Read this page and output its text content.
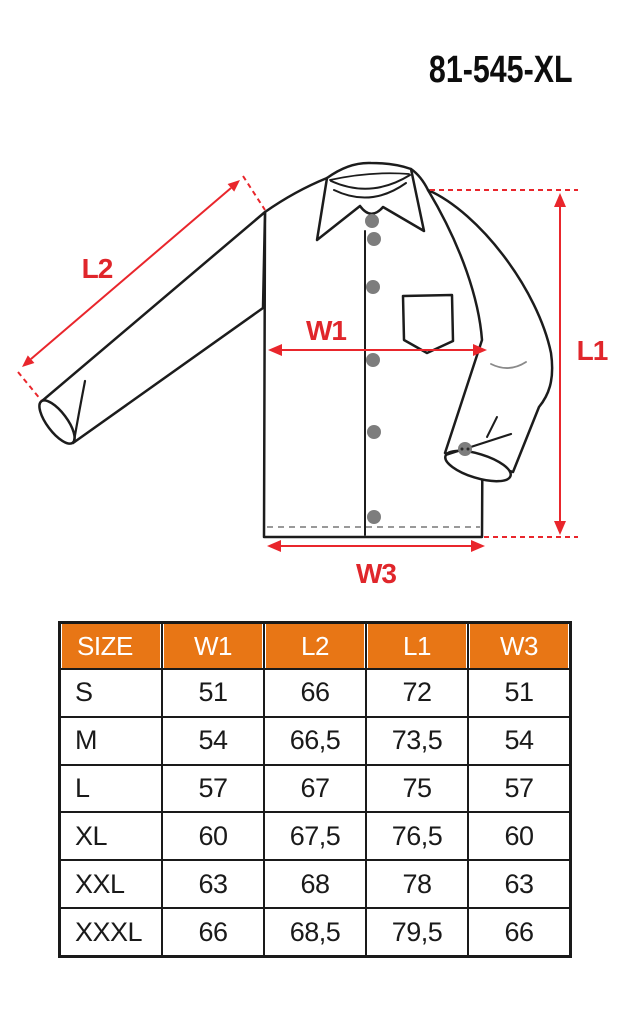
81-545-XL
L2
W1
L1
W3
SIZE	W1	L2	L1	W3
S	51	66	72	51
M	54	66,5	73,5	54
L	57	67	75	57
XL	60	67,5	76,5	60
XXL	63	68	78	63
XXXL	66	68,5	79,5	66
